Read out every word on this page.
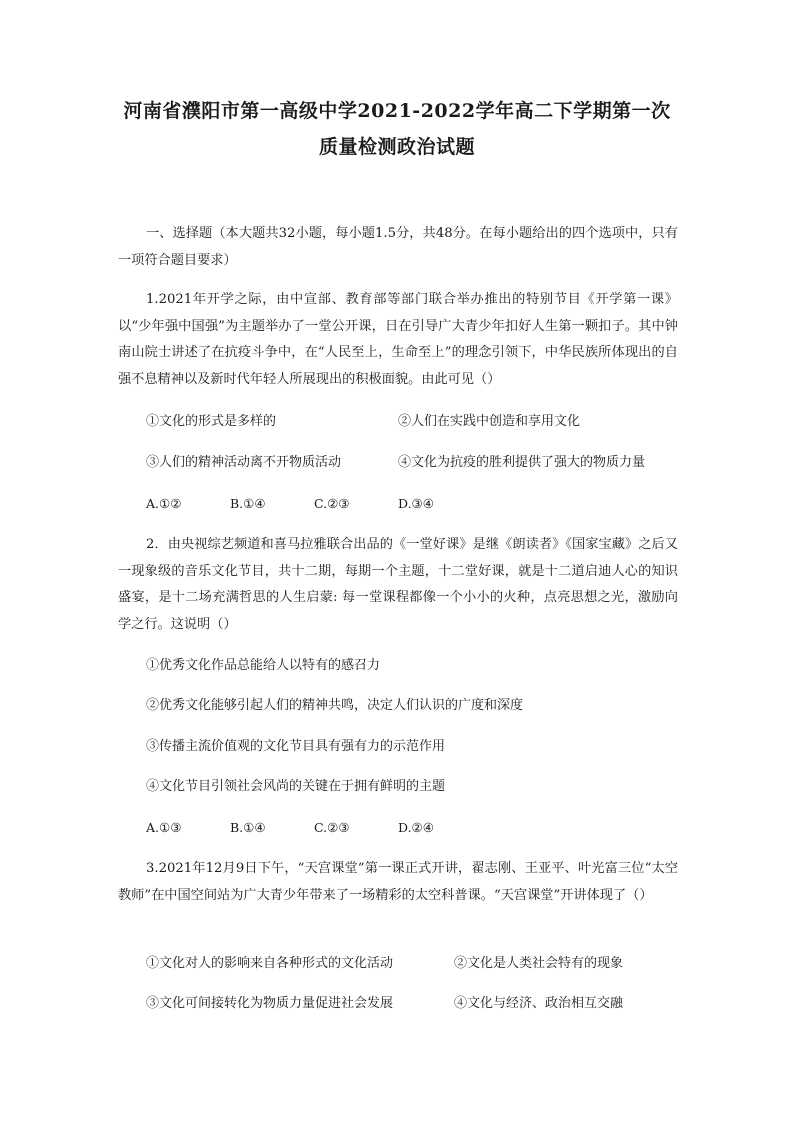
河南省濮阳市第一高级中学2021-2022学年高二下学期第一次
质量检测政治试题

一、选择题（本大题共32小题，每小题1.5分，共48分。在每小题给出的四个选项中，只有一项符合题目要求）

1.2021年开学之际，由中宣部、教育部等部门联合举办推出的特别节目《开学第一课》以“少年强中国强”为主题举办了一堂公开课，日在引导广大青少年扣好人生第一颗扣子。其中钟南山院士讲述了在抗疫斗争中，在“人民至上，生命至上”的理念引领下，中华民族所体现出的自强不息精神以及新时代年轻人所展现出的积极面貌。由此可见（）

①文化的形式是多样的	②人们在实践中创造和享用文化
③人们的精神活动离不开物质活动	④文化为抗疫的胜利提供了强大的物质力量
A.①②	B.①④	C.②③	D.③④

2．由央视综艺频道和喜马拉雅联合出品的《一堂好课》是继《朗读者》《国家宝藏》之后又一现象级的音乐文化节目，共十二期，每期一个主题，十二堂好课，就是十二道启迪人心的知识盛宴，是十二场充满哲思的人生启蒙: 每一堂课程都像一个小小的火种，点亮思想之光，激励向学之行。这说明（）

①优秀文化作品总能给人以特有的感召力
②优秀文化能够引起人们的精神共鸣，决定人们认识的广度和深度
③传播主流价值观的文化节目具有强有力的示范作用
④文化节目引领社会风尚的关键在于拥有鲜明的主题
A.①③	B.①④	C.②③	D.②④

3.2021年12月9日下午，“天宫课堂”第一课正式开讲，翟志刚、王亚平、叶光富三位“太空教师”在中国空间站为广大青少年带来了一场精彩的太空科普课。“天宫课堂”开讲体现了（）

①文化对人的影响来自各种形式的文化活动	②文化是人类社会特有的现象
③文化可间接转化为物质力量促进社会发展	④文化与经济、政治相互交融
